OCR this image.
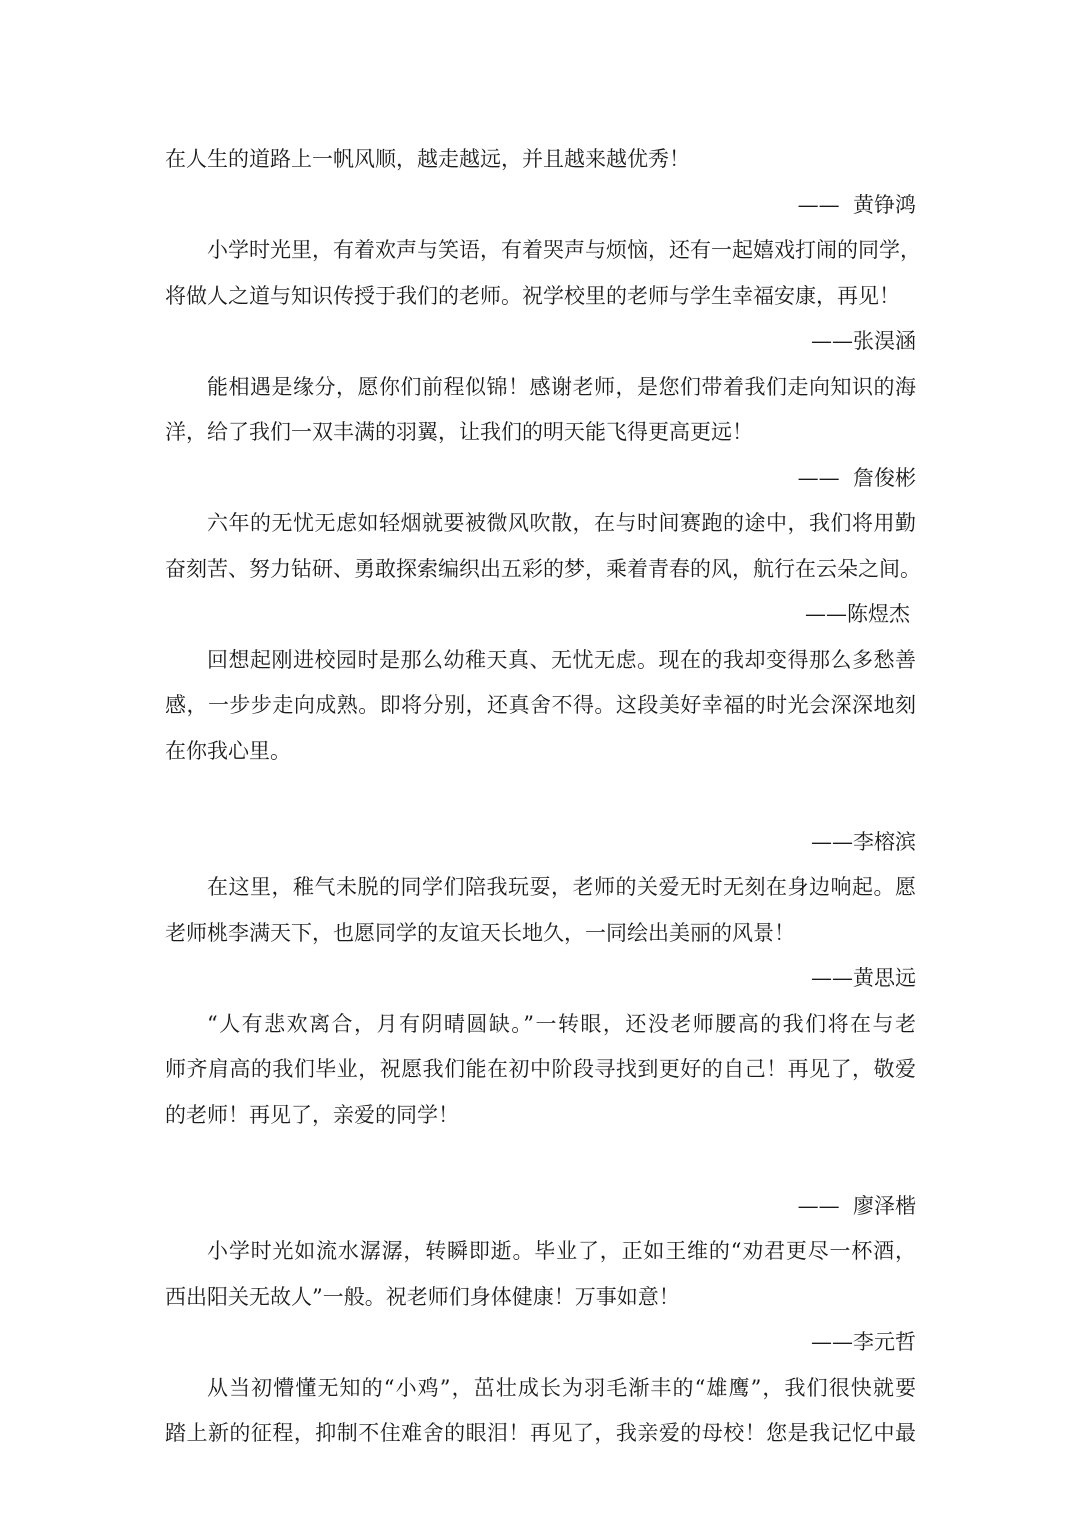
在人生的道路上一帆风顺，越走越远，并且越来越优秀！
——  黄铮鸿
小学时光里，有着欢声与笑语，有着哭声与烦恼，还有一起嬉戏打闹的同学，
将做人之道与知识传授于我们的老师。祝学校里的老师与学生幸福安康，再见！
——张淏涵
能相遇是缘分，愿你们前程似锦！感谢老师，是您们带着我们走向知识的海
洋，给了我们一双丰满的羽翼，让我们的明天能飞得更高更远！
——  詹俊彬
六年的无忧无虑如轻烟就要被微风吹散，在与时间赛跑的途中，我们将用勤
奋刻苦、努力钻研、勇敢探索编织出五彩的梦，乘着青春的风，航行在云朵之间。
——陈煜杰
回想起刚进校园时是那么幼稚天真、无忧无虑。现在的我却变得那么多愁善
感，一步步走向成熟。即将分别，还真舍不得。这段美好幸福的时光会深深地刻
在你我心里。
——李榕滨
在这里，稚气未脱的同学们陪我玩耍，老师的关爱无时无刻在身边响起。愿
老师桃李满天下，也愿同学的友谊天长地久，一同绘出美丽的风景！
——黄思远
“人有悲欢离合，月有阴晴圆缺。”一转眼，还没老师腰高的我们将在与老
师齐肩高的我们毕业，祝愿我们能在初中阶段寻找到更好的自己！再见了，敬爱
的老师！再见了，亲爱的同学！
——  廖泽楷
小学时光如流水潺潺，转瞬即逝。毕业了，正如王维的“劝君更尽一杯酒，
西出阳关无故人”一般。祝老师们身体健康！万事如意！
——李元哲
从当初懵懂无知的“小鸡”，茁壮成长为羽毛渐丰的“雄鹰”，我们很快就要
踏上新的征程，抑制不住难舍的眼泪！再见了，我亲爱的母校！您是我记忆中最
